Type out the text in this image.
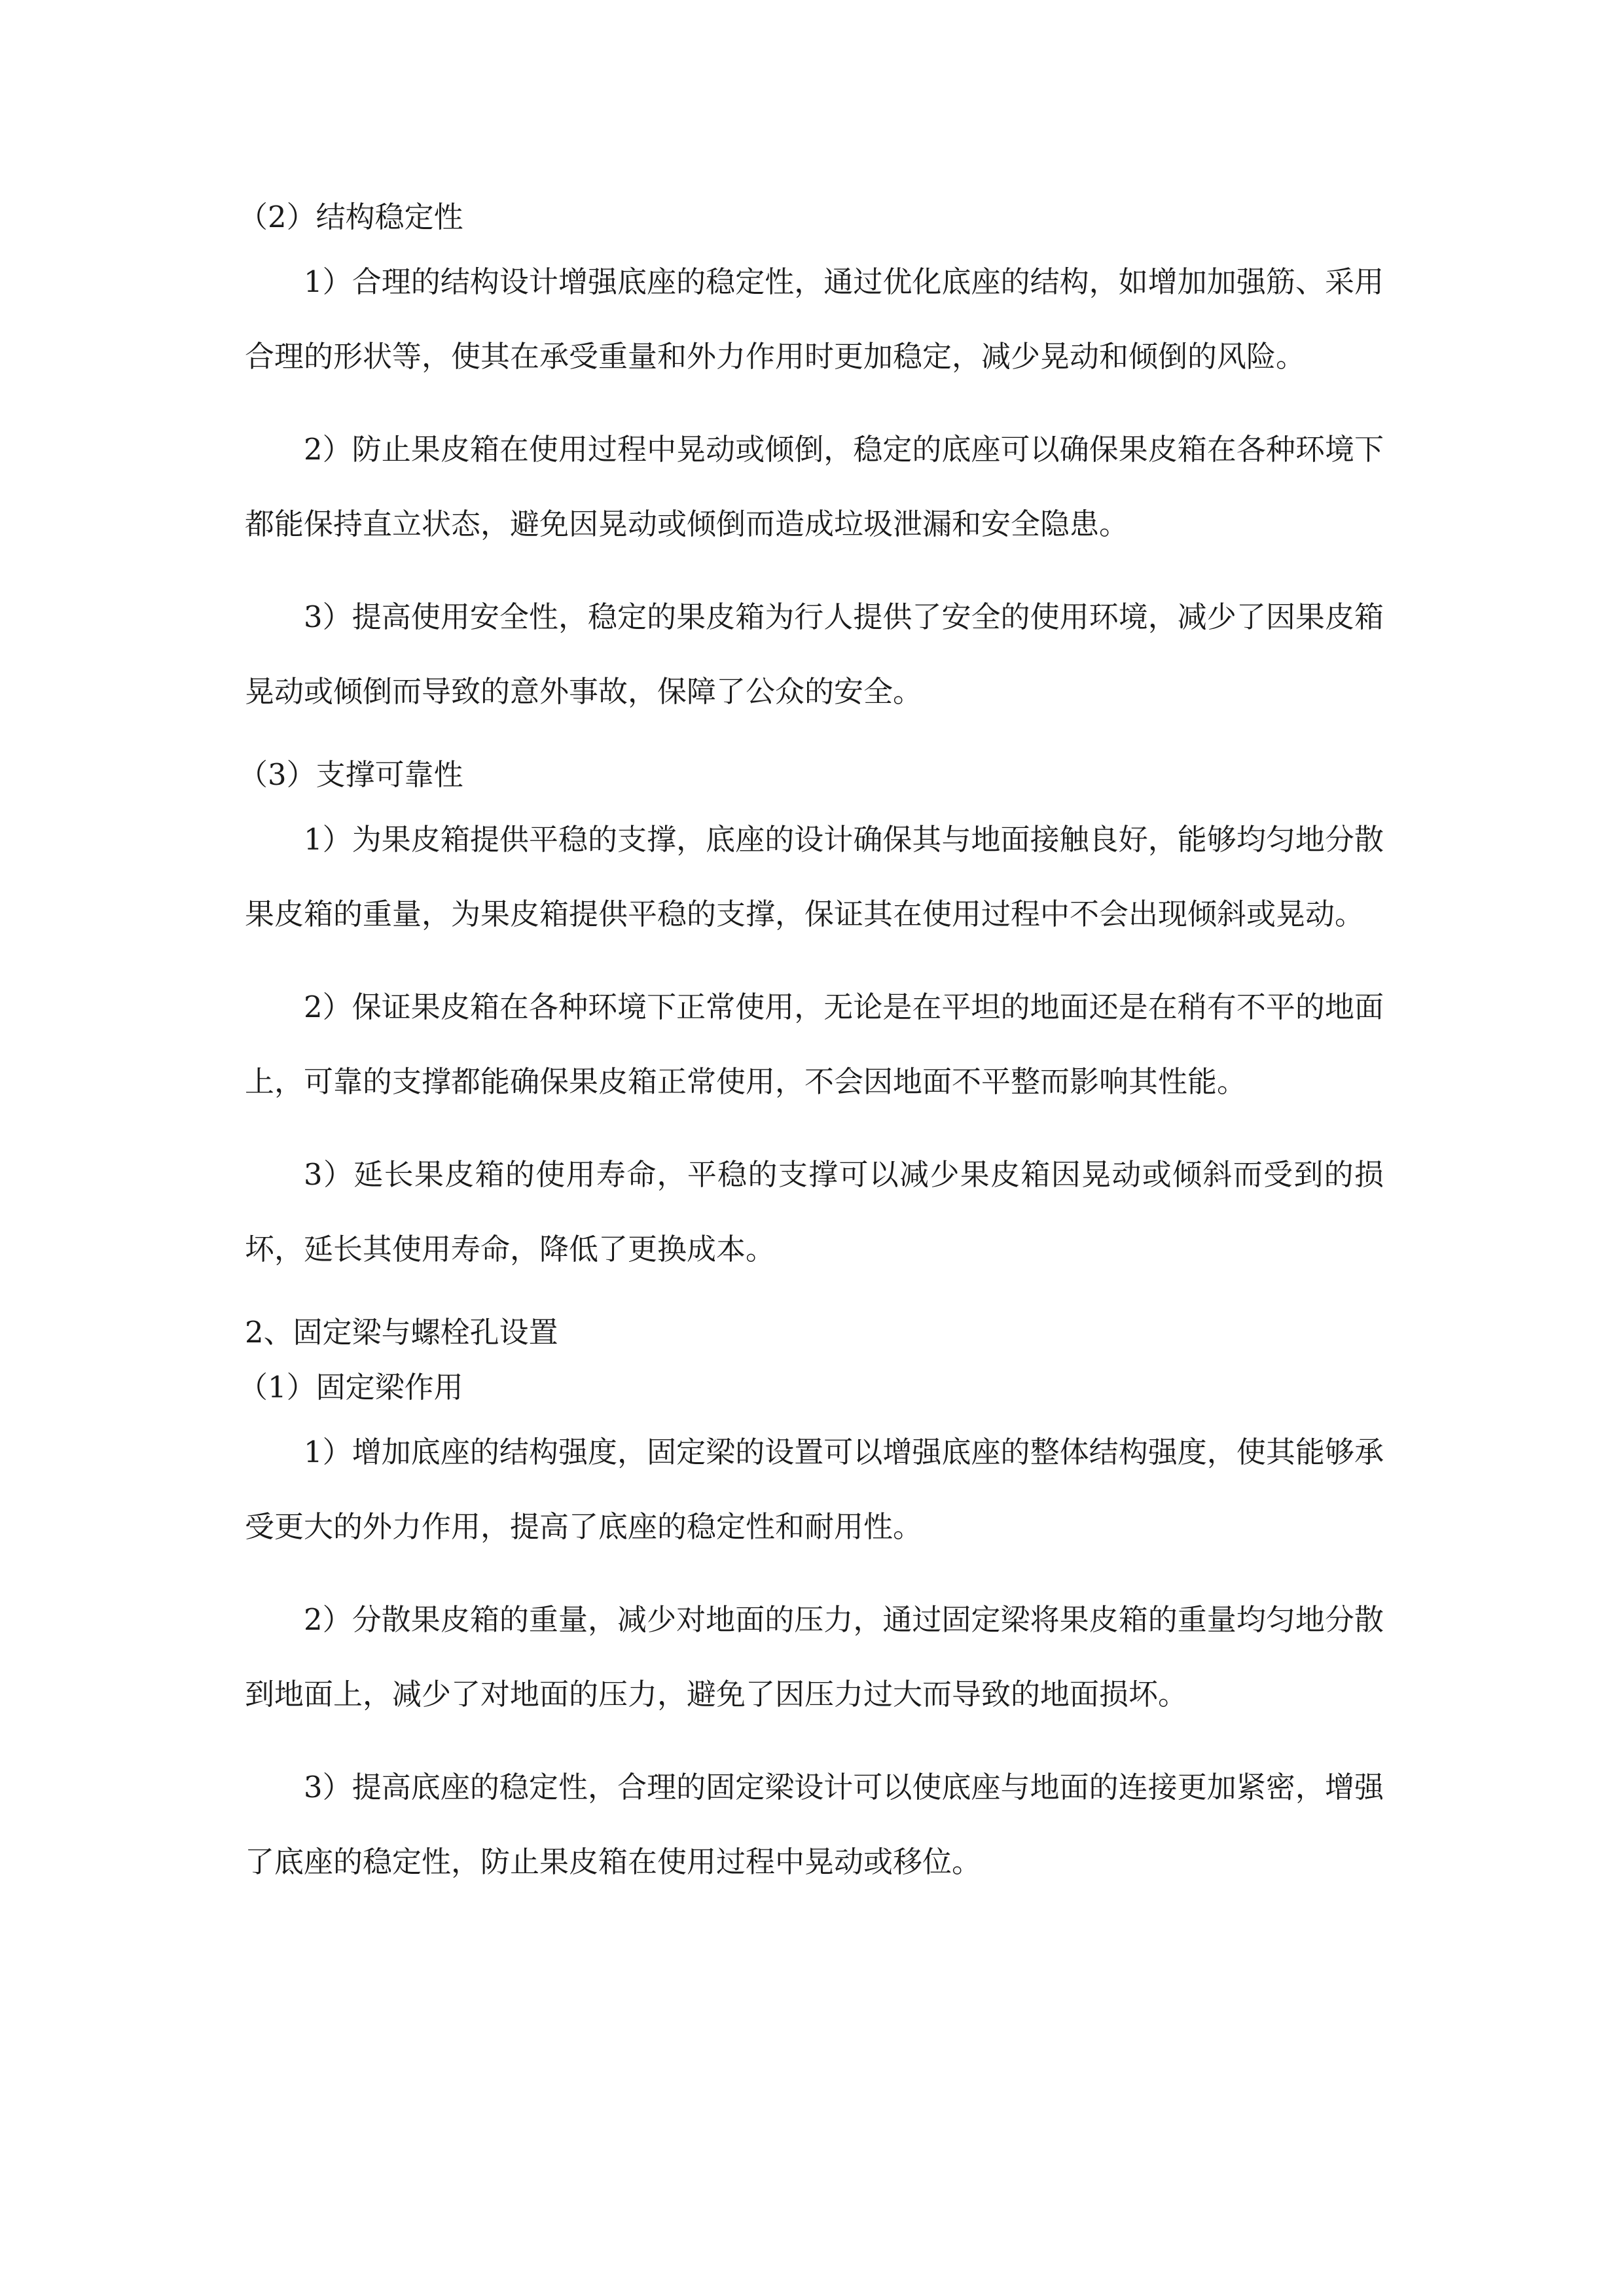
（2）结构稳定性

1）合理的结构设计增强底座的稳定性，通过优化底座的结构，如增加加强筋、采用合理的形状等，使其在承受重量和外力作用时更加稳定，减少晃动和倾倒的风险。

2）防止果皮箱在使用过程中晃动或倾倒，稳定的底座可以确保果皮箱在各种环境下都能保持直立状态，避免因晃动或倾倒而造成垃圾泄漏和安全隐患。

3）提高使用安全性，稳定的果皮箱为行人提供了安全的使用环境，减少了因果皮箱晃动或倾倒而导致的意外事故，保障了公众的安全。

（3）支撑可靠性

1）为果皮箱提供平稳的支撑，底座的设计确保其与地面接触良好，能够均匀地分散果皮箱的重量，为果皮箱提供平稳的支撑，保证其在使用过程中不会出现倾斜或晃动。

2）保证果皮箱在各种环境下正常使用，无论是在平坦的地面还是在稍有不平的地面上，可靠的支撑都能确保果皮箱正常使用，不会因地面不平整而影响其性能。

3）延长果皮箱的使用寿命，平稳的支撑可以减少果皮箱因晃动或倾斜而受到的损坏，延长其使用寿命，降低了更换成本。

2、固定梁与螺栓孔设置

（1）固定梁作用

1）增加底座的结构强度，固定梁的设置可以增强底座的整体结构强度，使其能够承受更大的外力作用，提高了底座的稳定性和耐用性。

2）分散果皮箱的重量，减少对地面的压力，通过固定梁将果皮箱的重量均匀地分散到地面上，减少了对地面的压力，避免了因压力过大而导致的地面损坏。

3）提高底座的稳定性，合理的固定梁设计可以使底座与地面的连接更加紧密，增强了底座的稳定性，防止果皮箱在使用过程中晃动或移位。
